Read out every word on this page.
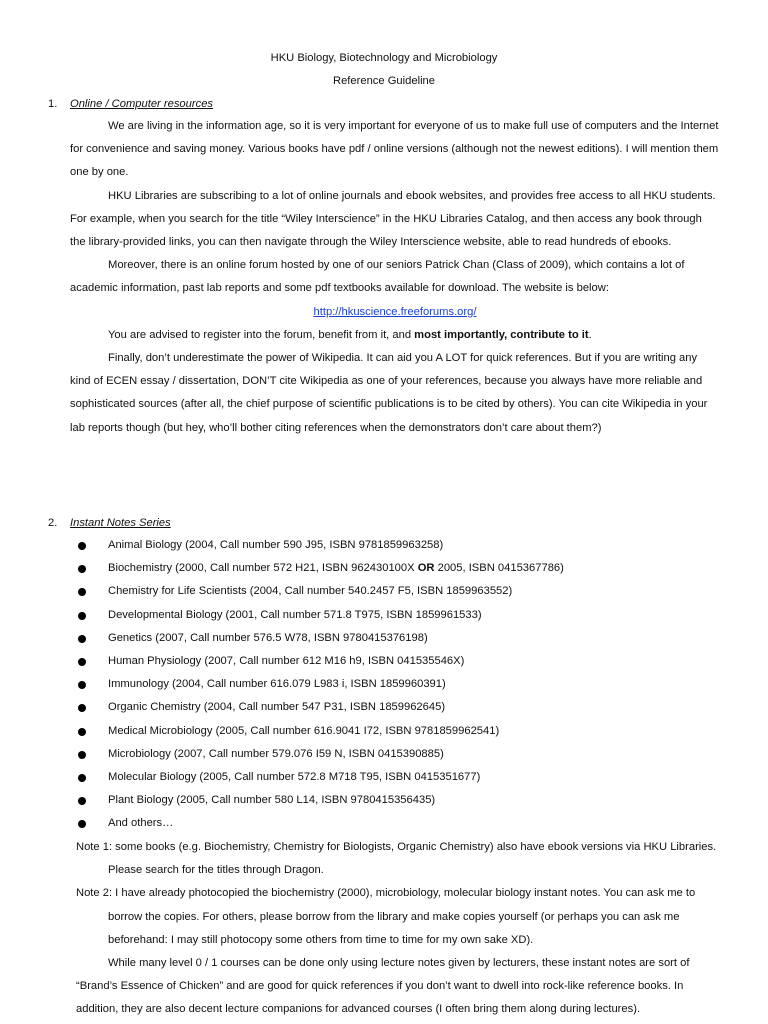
HKU Biology, Biotechnology and Microbiology
Reference Guideline
1. Online / Computer resources

We are living in the information age, so it is very important for everyone of us to make full use of computers and the Internet for convenience and saving money. Various books have pdf / online versions (although not the newest editions). I will mention them one by one.

HKU Libraries are subscribing to a lot of online journals and ebook websites, and provides free access to all HKU students. For example, when you search for the title “Wiley Interscience” in the HKU Libraries Catalog, and then access any book through the library-provided links, you can then navigate through the Wiley Interscience website, able to read hundreds of ebooks.

Moreover, there is an online forum hosted by one of our seniors Patrick Chan (Class of 2009), which contains a lot of academic information, past lab reports and some pdf textbooks available for download. The website is below:

http://hkuscience.freeforums.org/

You are advised to register into the forum, benefit from it, and most importantly, contribute to it.

Finally, don’t underestimate the power of Wikipedia. It can aid you A LOT for quick references. But if you are writing any kind of ECEN essay / dissertation, DON’T cite Wikipedia as one of your references, because you always have more reliable and sophisticated sources (after all, the chief purpose of scientific publications is to be cited by others). You can cite Wikipedia in your lab reports though (but hey, who’ll bother citing references when the demonstrators don’t care about them?)

2. Instant Notes Series
Animal Biology (2004, Call number 590 J95, ISBN 9781859963258)
Biochemistry (2000, Call number 572 H21, ISBN 962430100X OR 2005, ISBN 0415367786)
Chemistry for Life Scientists (2004, Call number 540.2457 F5, ISBN 1859963552)
Developmental Biology (2001, Call number 571.8 T975, ISBN 1859961533)
Genetics (2007, Call number 576.5 W78, ISBN 9780415376198)
Human Physiology (2007, Call number 612 M16 h9, ISBN 041535546X)
Immunology (2004, Call number 616.079 L983 i, ISBN 1859960391)
Organic Chemistry (2004, Call number 547 P31, ISBN 1859962645)
Medical Microbiology (2005, Call number 616.9041 I72, ISBN 9781859962541)
Microbiology (2007, Call number 579.076 I59 N, ISBN 0415390885)
Molecular Biology (2005, Call number 572.8 M718 T95, ISBN 0415351677)
Plant Biology (2005, Call number 580 L14, ISBN 9780415356435)
And others…

Note 1: some books (e.g. Biochemistry, Chemistry for Biologists, Organic Chemistry) also have ebook versions via HKU Libraries. Please search for the titles through Dragon.

Note 2: I have already photocopied the biochemistry (2000), microbiology, molecular biology instant notes. You can ask me to borrow the copies. For others, please borrow from the library and make copies yourself (or perhaps you can ask me beforehand: I may still photocopy some others from time to time for my own sake XD).

While many level 0 / 1 courses can be done only using lecture notes given by lecturers, these instant notes are sort of “Brand’s Essence of Chicken” and are good for quick references if you don’t want to dwell into rock-like reference books. In addition, they are also decent lecture companions for advanced courses (I often bring them along during lectures).
